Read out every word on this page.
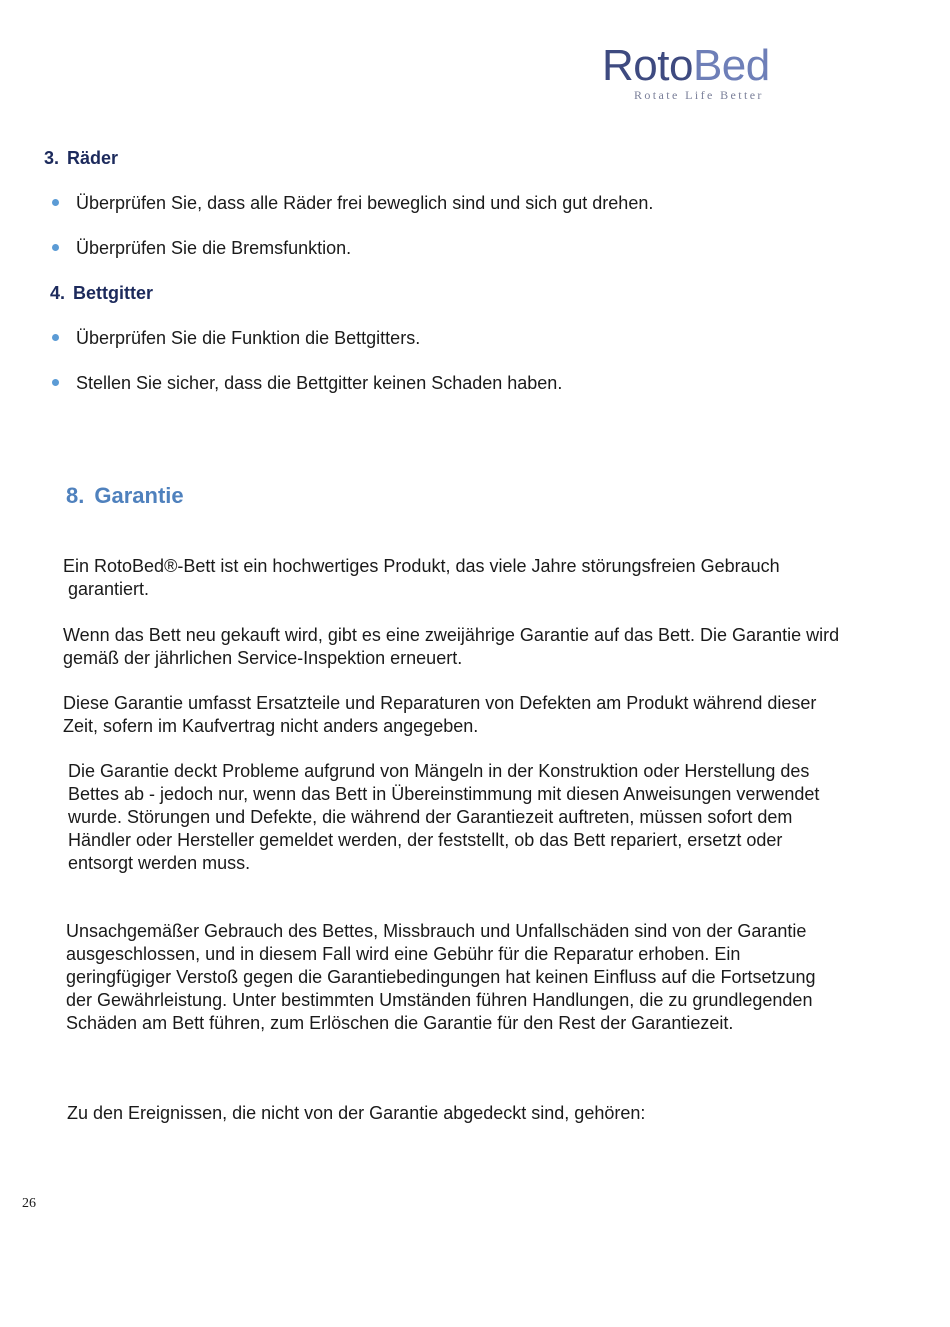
RotoBed
Rotate Life Better
3. Räder
Überprüfen Sie, dass alle Räder frei beweglich sind und sich gut drehen.
Überprüfen Sie die Bremsfunktion.
4. Bettgitter
Überprüfen Sie die Funktion die Bettgitters.
Stellen Sie sicher, dass die Bettgitter keinen Schaden haben.
8. Garantie

Ein RotoBed®-Bett ist ein hochwertiges Produkt, das viele Jahre störungsfreien Gebrauch
garantiert.

Wenn das Bett neu gekauft wird, gibt es eine zweijährige Garantie auf das Bett. Die Garantie wird
gemäß der jährlichen Service-Inspektion erneuert.

Diese Garantie umfasst Ersatzteile und Reparaturen von Defekten am Produkt während dieser
Zeit, sofern im Kaufvertrag nicht anders angegeben.

Die Garantie deckt Probleme aufgrund von Mängeln in der Konstruktion oder Herstellung des
Bettes ab - jedoch nur, wenn das Bett in Übereinstimmung mit diesen Anweisungen verwendet
wurde. Störungen und Defekte, die während der Garantiezeit auftreten, müssen sofort dem
Händler oder Hersteller gemeldet werden, der feststellt, ob das Bett repariert, ersetzt oder
entsorgt werden muss.

Unsachgemäßer Gebrauch des Bettes, Missbrauch und Unfallschäden sind von der Garantie
ausgeschlossen, und in diesem Fall wird eine Gebühr für die Reparatur erhoben. Ein
geringfügiger Verstoß gegen die Garantiebedingungen hat keinen Einfluss auf die Fortsetzung
der Gewährleistung. Unter bestimmten Umständen führen Handlungen, die zu grundlegenden
Schäden am Bett führen, zum Erlöschen die Garantie für den Rest der Garantiezeit.

Zu den Ereignissen, die nicht von der Garantie abgedeckt sind, gehören:

26
